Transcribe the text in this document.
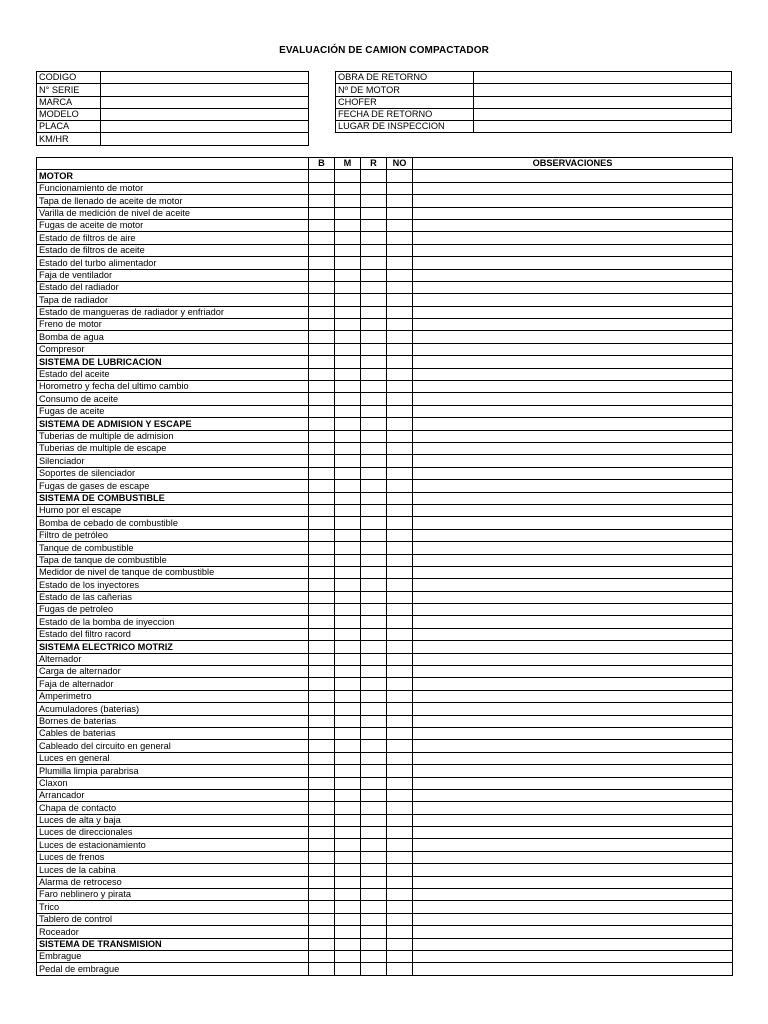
EVALUACIÓN DE CAMION COMPACTADOR
CODIGO	
N° SERIE	
MARCA	
MODELO	
PLACA	
KM/HR	
OBRA DE RETORNO	
Nº DE MOTOR	
CHOFER	
FECHA DE RETORNO	
LUGAR DE INSPECCION	
	B	M	R	NO	OBSERVACIONES
MOTOR					
Funcionamiento de motor					
Tapa de llenado de aceite de motor					
Varilla de medición de nivel de aceite					
Fugas de aceite de motor					
Estado de filtros de aire					
Estado de filtros de aceite					
Estado del turbo alimentador					
Faja de ventilador					
Estado del radiador					
Tapa de radiador					
Estado de mangueras de radiador y enfriador					
Freno de motor					
Bomba de agua					
Compresor					
SISTEMA DE LUBRICACION					
Estado del aceite					
Horometro y fecha del ultimo cambio					
Consumo de aceite					
Fugas de aceite					
SISTEMA DE ADMISION Y ESCAPE					
Tuberias de multiple de admision					
Tuberias de multiple de escape					
Silenciador					
Soportes de silenciador					
Fugas de gases de escape					
SISTEMA DE COMBUSTIBLE					
Humo por el escape					
Bomba de cebado de combustible					
Filtro de petróleo					
Tanque de combustible					
Tapa de tanque de combustible					
Medidor de nivel de tanque de combustible					
Estado de los inyectores					
Estado de las cañerias					
Fugas de petroleo					
Estado de la bomba de inyeccion					
Estado del filtro racord					
SISTEMA ELECTRICO MOTRIZ					
Alternador					
Carga de alternador					
Faja de alternador					
Amperimetro					
Acumuladores (baterias)					
Bornes de baterias					
Cables de baterias					
Cableado del circuito en general					
Luces en general					
Plumilla limpia parabrisa					
Claxon					
Arrancador					
Chapa de contacto					
Luces de alta y baja					
Luces de direccionales					
Luces de estacionamiento					
Luces de frenos					
Luces de la cabina					
Alarma de retroceso					
Faro neblinero y pirata					
Trico					
Tablero de control					
Roceador					
SISTEMA DE TRANSMISION					
Embrague					
Pedal de embrague					
